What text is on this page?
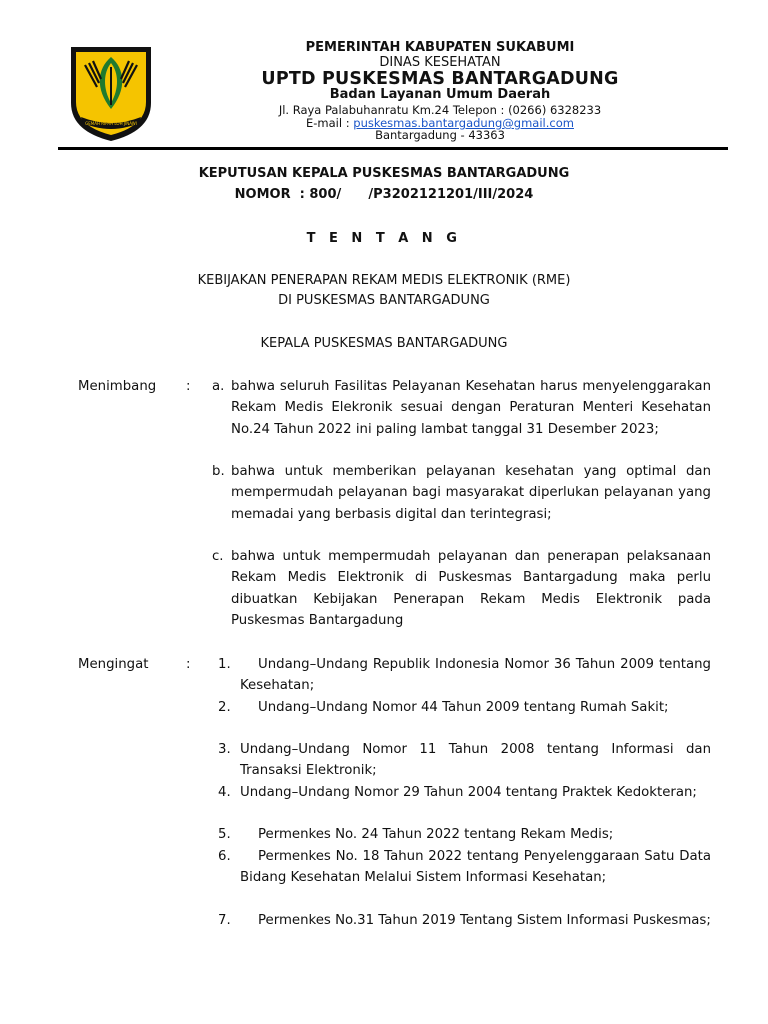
GEMAH RIPAH LOH JINAWI
PEMERINTAH KABUPATEN SUKABUMI
DINAS KESEHATAN
UPTD PUSKESMAS BANTARGADUNG
Badan Layanan Umum Daerah
Jl. Raya Palabuhanratu Km.24 Telepon : (0266) 6328233
E-mail : puskesmas.bantargadung@gmail.com
Bantargadung - 43363
KEPUTUSAN KEPALA PUSKESMAS BANTARGADUNG
NOMOR  : 800/      /P3202121201/III/2024
T E N T A N G
KEBIJAKAN PENERAPAN REKAM MEDIS ELEKTRONIK (RME)
DI PUSKESMAS BANTARGADUNG
KEPALA PUSKESMAS BANTARGADUNG
Menimbang : a. bahwa seluruh Fasilitas Pelayanan Kesehatan harus menyelenggarakan Rekam Medis Elekronik sesuai dengan Peraturan Menteri Kesehatan No.24 Tahun 2022 ini paling lambat tanggal 31 Desember 2023;
b. bahwa untuk memberikan pelayanan kesehatan yang optimal dan mempermudah pelayanan bagi masyarakat diperlukan pelayanan yang memadai yang berbasis digital dan terintegrasi;
c. bahwa untuk mempermudah pelayanan dan penerapan pelaksanaan Rekam Medis Elektronik di Puskesmas Bantargadung maka perlu dibuatkan Kebijakan Penerapan Rekam Medis Elektronik pada Puskesmas Bantargadung
Mengingat	: 1.	Undang–Undang Republik Indonesia Nomor 36 Tahun 2009 tentang Kesehatan;
2.	Undang–Undang Nomor 44 Tahun 2009 tentang Rumah Sakit;
3. Undang–Undang Nomor 11 Tahun 2008 tentang Informasi dan Transaksi Elektronik;
4. Undang–Undang Nomor 29 Tahun 2004 tentang Praktek Kedokteran;
5.	Permenkes No. 24 Tahun 2022 tentang Rekam Medis;
6.	Permenkes No. 18 Tahun 2022 tentang Penyelenggaraan Satu Data Bidang Kesehatan Melalui Sistem Informasi Kesehatan;
7.	Permenkes No.31 Tahun 2019 Tentang Sistem Informasi Puskesmas;
